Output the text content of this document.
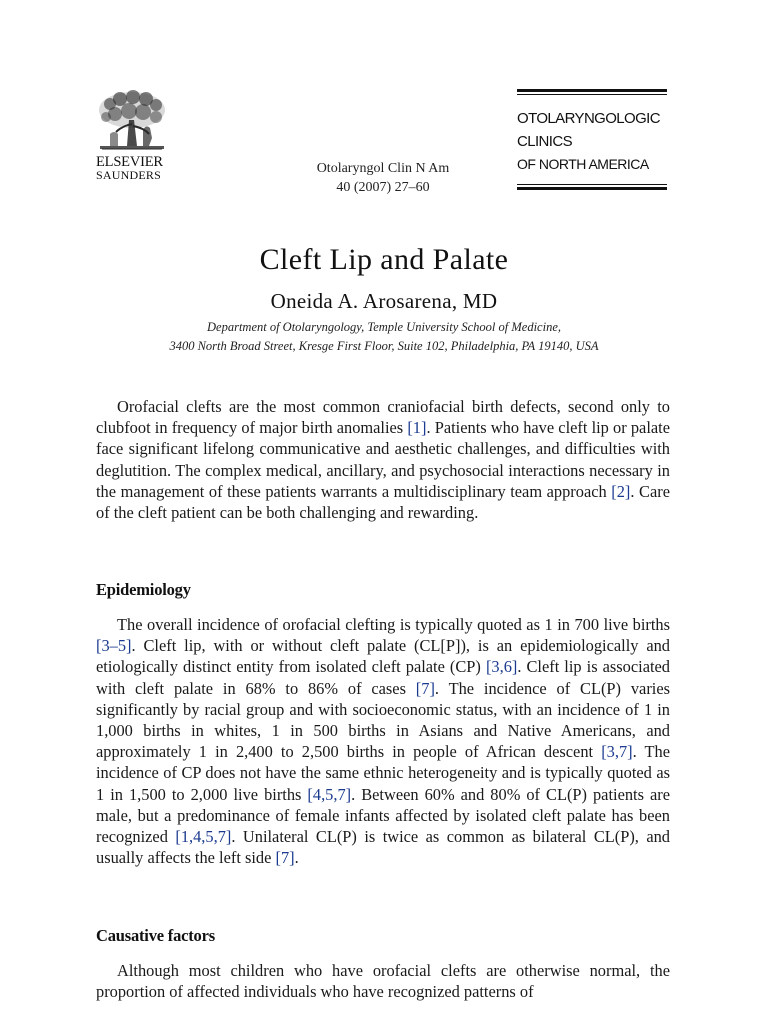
ELSEVIER
SAUNDERS	Otolaryngol Clin N Am
40 (2007) 27–60
OTOLARYNGOLOGIC
CLINICS
OF NORTH AMERICA
Cleft Lip and Palate
Oneida A. Arosarena, MD
Department of Otolaryngology, Temple University School of Medicine,
3400 North Broad Street, Kresge First Floor, Suite 102, Philadelphia, PA 19140, USA

Orofacial clefts are the most common craniofacial birth defects, second only to clubfoot in frequency of major birth anomalies [1]. Patients who have cleft lip or palate face significant lifelong communicative and aesthetic challenges, and difficulties with deglutition. The complex medical, ancillary, and psychosocial interactions necessary in the management of these patients warrants a multidisciplinary team approach [2]. Care of the cleft patient can be both challenging and rewarding.

Epidemiology

The overall incidence of orofacial clefting is typically quoted as 1 in 700 live births [3–5]. Cleft lip, with or without cleft palate (CL[P]), is an epidemiologically and etiologically distinct entity from isolated cleft palate (CP) [3,6]. Cleft lip is associated with cleft palate in 68% to 86% of cases [7]. The incidence of CL(P) varies significantly by racial group and with socioeconomic status, with an incidence of 1 in 1,000 births in whites, 1 in 500 births in Asians and Native Americans, and approximately 1 in 2,400 to 2,500 births in people of African descent [3,7]. The incidence of CP does not have the same ethnic heterogeneity and is typically quoted as 1 in 1,500 to 2,000 live births [4,5,7]. Between 60% and 80% of CL(P) patients are male, but a predominance of female infants affected by isolated cleft palate has been recognized [1,4,5,7]. Unilateral CL(P) is twice as common as bilateral CL(P), and usually affects the left side [7].

Causative factors

Although most children who have orofacial clefts are otherwise normal, the proportion of affected individuals who have recognized patterns of
